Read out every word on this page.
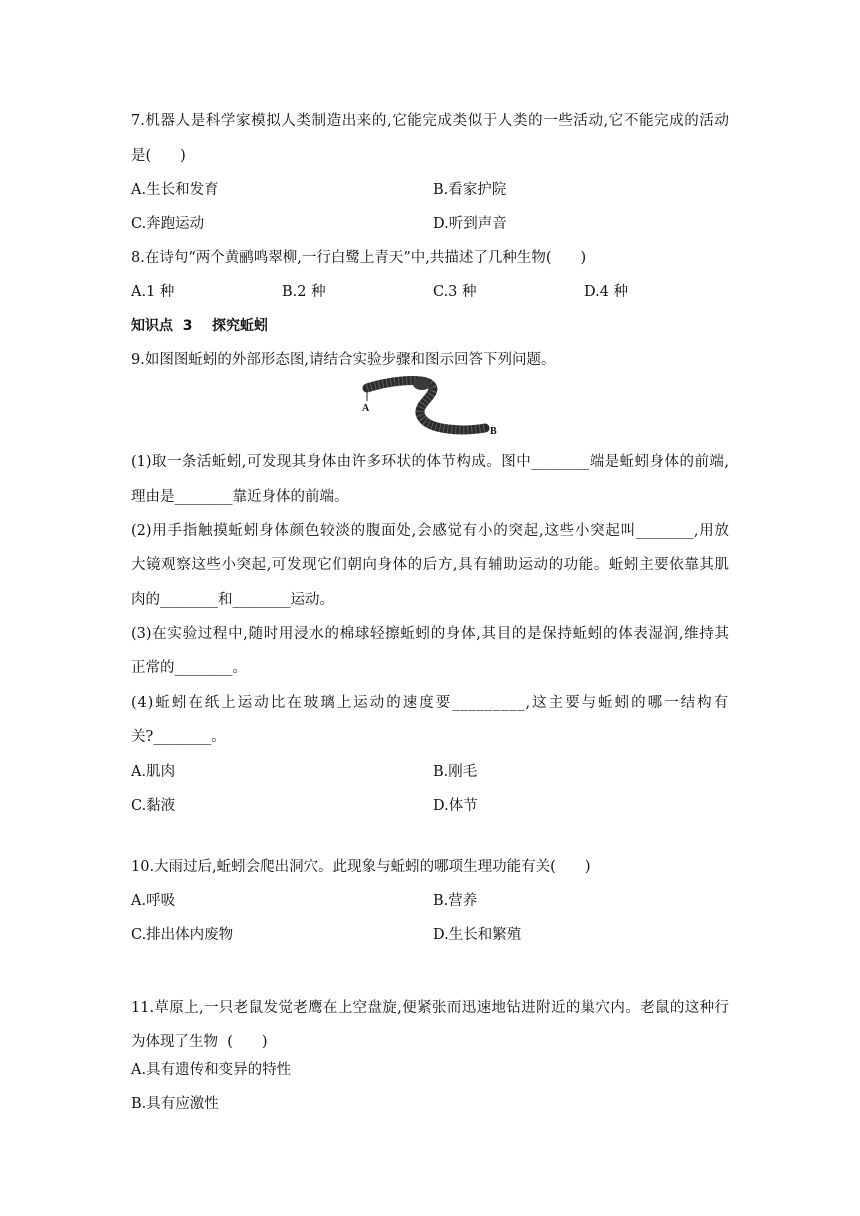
7.机器人是科学家模拟人类制造出来的,它能完成类似于人类的一些活动,它不能完成的活动
是(　　)
A.生长和发育	B.看家护院
C.奔跑运动	D.听到声音
8.在诗句“两个黄鹂鸣翠柳,一行白鹭上青天”中,共描述了几种生物(　　)
A.1 种	B.2 种	C.3 种	D.4 种
知识点  3    探究蚯蚓
9.如图图蚯蚓的外部形态图,请结合实验步骤和图示回答下列问题。
A
B
(1)取一条活蚯蚓,可发现其身体由许多环状的体节构成。图中________端是蚯蚓身体的前端,
理由是________靠近身体的前端。
(2)用手指触摸蚯蚓身体颜色较淡的腹面处,会感觉有小的突起,这些小突起叫________,用放
大镜观察这些小突起,可发现它们朝向身体的后方,具有辅助运动的功能。蚯蚓主要依靠其肌
肉的________和________运动。
(3)在实验过程中,随时用浸水的棉球轻擦蚯蚓的身体,其目的是保持蚯蚓的体表湿润,维持其
正常的________。
(4)蚯蚓在纸上运动比在玻璃上运动的速度要_________,这主要与蚯蚓的哪一结构有
关?________。
A.肌肉	B.刚毛
C.黏液	D.体节
10.大雨过后,蚯蚓会爬出洞穴。此现象与蚯蚓的哪项生理功能有关(　　)
A.呼吸	B.营养
C.排出体内废物	D.生长和繁殖
11.草原上,一只老鼠发觉老鹰在上空盘旋,便紧张而迅速地钻进附近的巢穴内。老鼠的这种行
为体现了生物  (　　)
A.具有遗传和变异的特性
B.具有应激性
